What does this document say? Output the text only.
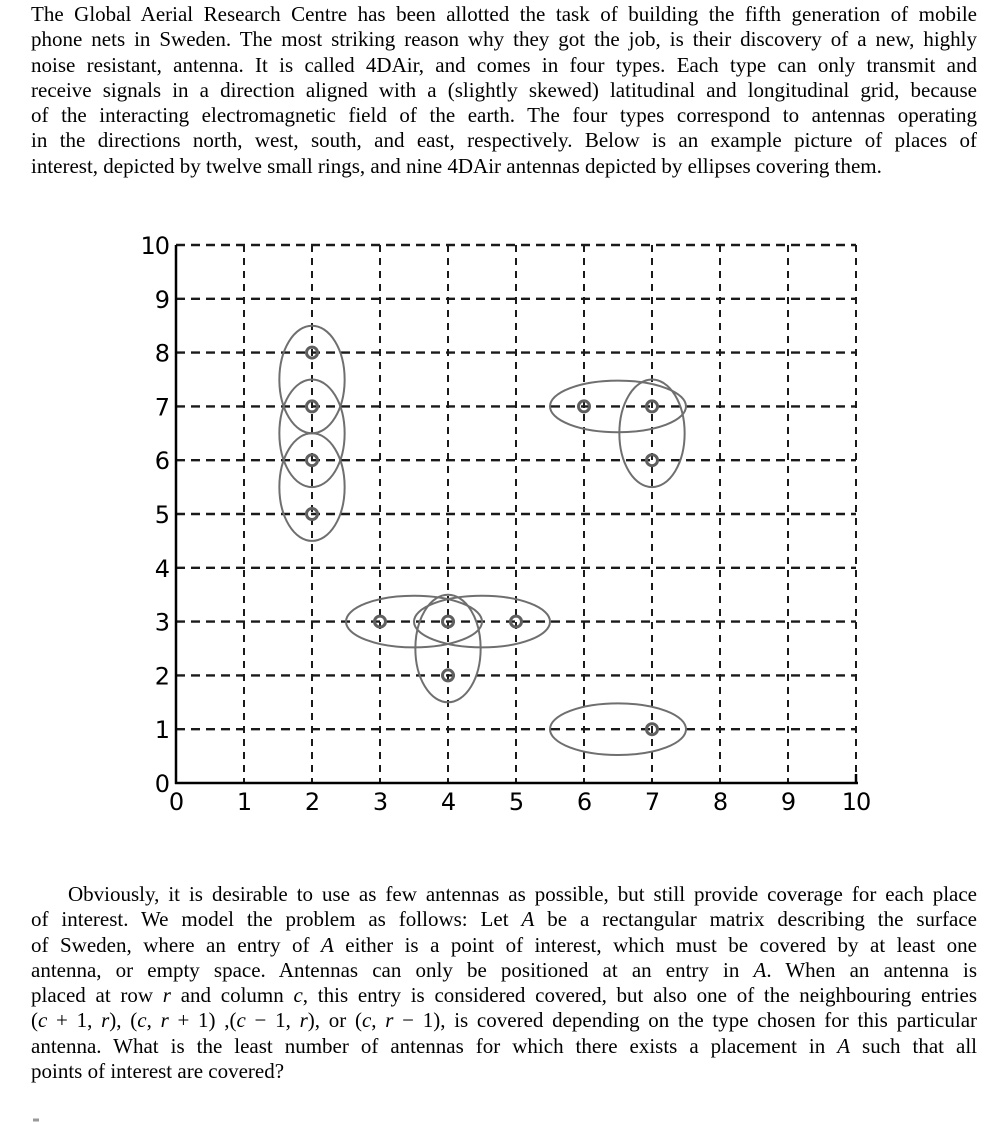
The Global Aerial Research Centre has been allotted the task of building the fifth generation of mobile
phone nets in Sweden. The most striking reason why they got the job, is their discovery of a new, highly
noise resistant, antenna. It is called 4DAir, and comes in four types. Each type can only transmit and
receive signals in a direction aligned with a (slightly skewed) latitudinal and longitudinal grid, because
of the interacting electromagnetic field of the earth. The four types correspond to antennas operating
in the directions north, west, south, and east, respectively. Below is an example picture of places of
interest, depicted by twelve small rings, and nine 4DAir antennas depicted by ellipses covering them.
0 1 2 3 4 5 6 7 8 9 10
0
1
2
3
4
5
6
7
8
9
10
Obviously, it is desirable to use as few antennas as possible, but still provide coverage for each place
of interest. We model the problem as follows: Let A be a rectangular matrix describing the surface
of Sweden, where an entry of A either is a point of interest, which must be covered by at least one
antenna, or empty space. Antennas can only be positioned at an entry in A. When an antenna is
placed at row r and column c, this entry is considered covered, but also one of the neighbouring entries
(c + 1, r), (c, r + 1) ,(c − 1, r), or (c, r − 1), is covered depending on the type chosen for this particular
antenna. What is the least number of antennas for which there exists a placement in A such that all
points of interest are covered?
